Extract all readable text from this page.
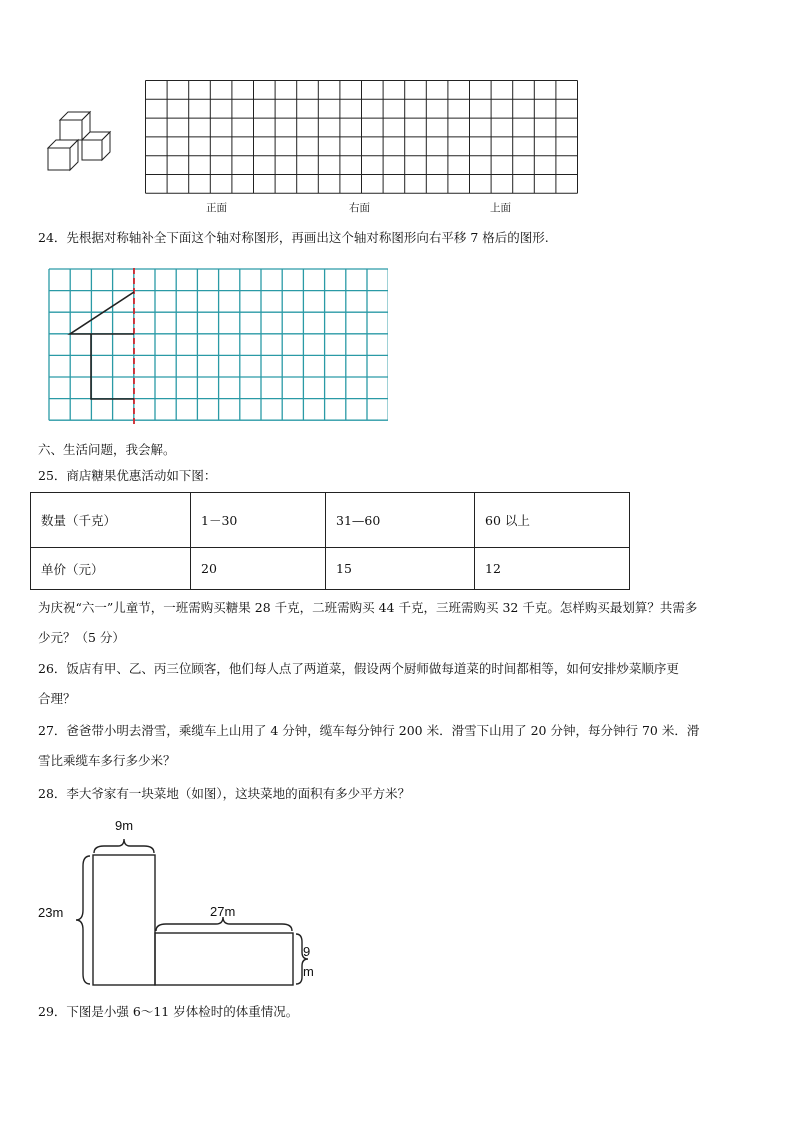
正面	右面	上面
24．先根据对称轴补全下面这个轴对称图形，再画出这个轴对称图形向右平移 7 格后的图形.
六、生活问题，我会解。
25．商店糖果优惠活动如下图：
数量（千克）	1－30	31—60	60 以上
单价（元）	20	15	12
为庆祝“六一”儿童节，一班需购买糖果 28 千克，二班需购买 44 千克，三班需购买 32 千克。怎样购买最划算？共需多
少元？（5 分）
26．饭店有甲、乙、丙三位顾客，他们每人点了两道菜，假设两个厨师做每道菜的时间都相等，如何安排炒菜顺序更
合理？
27．爸爸带小明去滑雪，乘缆车上山用了 4 分钟，缆车每分钟行 200 米．滑雪下山用了 20 分钟，每分钟行 70 米．滑
雪比乘缆车多行多少米？
28．李大爷家有一块菜地（如图），这块菜地的面积有多少平方米？
9m
23m	27m
9
m
29．下图是小强 6～11 岁体检时的体重情况。
